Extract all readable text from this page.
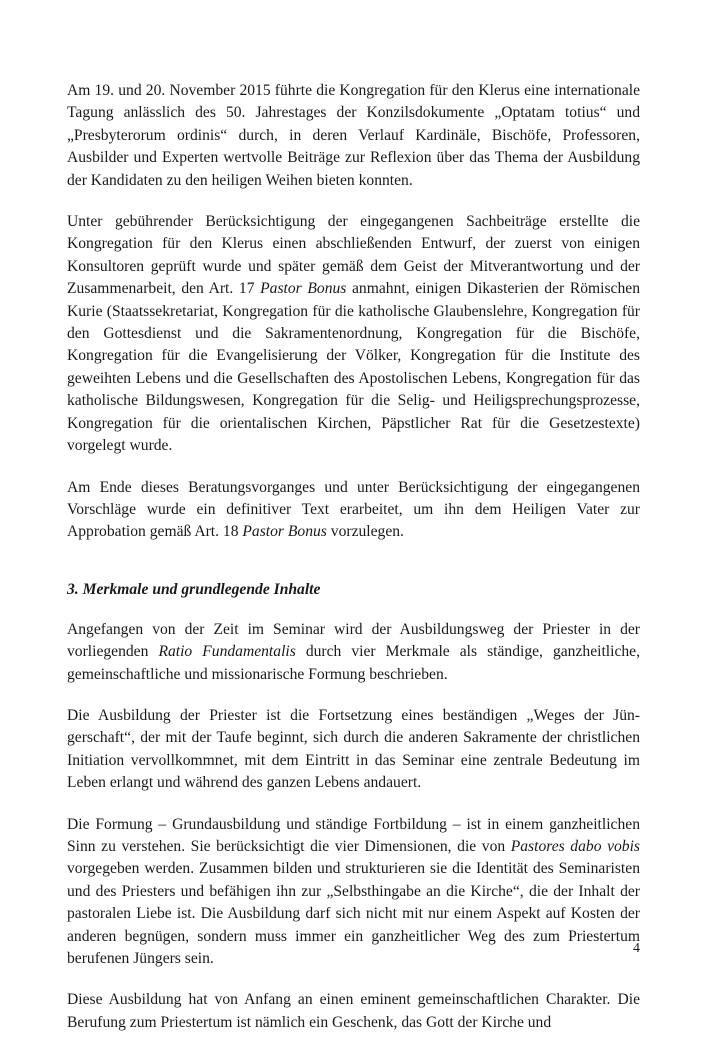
Am 19. und 20. November 2015 führte die Kongregation für den Klerus eine internationale Tagung anlässlich des 50. Jahrestages der Konzilsdokumente „Optatam totius“ und „Presbyterorum ordinis“ durch, in deren Verlauf Kardinäle, Bischöfe, Professoren, Ausbilder und Experten wertvolle Beiträge zur Reflexion über das Thema der Ausbildung der Kandidaten zu den heiligen Weihen bieten konnten.

Unter gebührender Berücksichtigung der eingegangenen Sachbeiträge erstellte die Kongregation für den Klerus einen abschließenden Entwurf, der zuerst von einigen Konsultoren geprüft wurde und später gemäß dem Geist der Mitverantwortung und der Zusammenarbeit, den Art. 17 Pastor Bonus anmahnt, einigen Dikasterien der Römischen Kurie (Staatssekretariat, Kongregation für die katholische Glaubenslehre, Kongregation für den Gottesdienst und die Sakramentenordnung, Kongregation für die Bischöfe, Kongregation für die Evangelisierung der Völker, Kongregation für die Institute des geweihten Lebens und die Gesellschaften des Apostolischen Lebens, Kongregation für das katholische Bildungswesen, Kongregation für die Selig- und Heiligsprechungsprozesse, Kongregation für die orientalischen Kirchen, Päpstlicher Rat für die Gesetzestexte) vorgelegt wurde.

Am Ende dieses Beratungsvorganges und unter Berücksichtigung der eingegangenen Vorschläge wurde ein definitiver Text erarbeitet, um ihn dem Heiligen Vater zur Approbation gemäß Art. 18 Pastor Bonus vorzulegen.

3. Merkmale und grundlegende Inhalte

Angefangen von der Zeit im Seminar wird der Ausbildungsweg der Priester in der vorliegenden Ratio Fundamentalis durch vier Merkmale als ständige, ganzheitliche, gemeinschaftliche und missionarische Formung beschrieben.

Die Ausbildung der Priester ist die Fortsetzung eines beständigen „Weges der Jüngerschaft“, der mit der Taufe beginnt, sich durch die anderen Sakramente der christlichen Initiation vervollkommnet, mit dem Eintritt in das Seminar eine zentrale Bedeutung im Leben erlangt und während des ganzen Lebens andauert.

Die Formung – Grundausbildung und ständige Fortbildung – ist in einem ganzheitlichen Sinn zu verstehen. Sie berücksichtigt die vier Dimensionen, die von Pastores dabo vobis vorgegeben werden. Zusammen bilden und strukturieren sie die Identität des Seminaristen und des Priesters und befähigen ihn zur „Selbsthingabe an die Kirche“, die der Inhalt der pastoralen Liebe ist. Die Ausbildung darf sich nicht mit nur einem Aspekt auf Kosten der anderen begnügen, sondern muss immer ein ganzheitlicher Weg des zum Priestertum berufenen Jüngers sein.

Diese Ausbildung hat von Anfang an einen eminent gemeinschaftlichen Charakter. Die Berufung zum Priestertum ist nämlich ein Geschenk, das Gott der Kirche und

4
